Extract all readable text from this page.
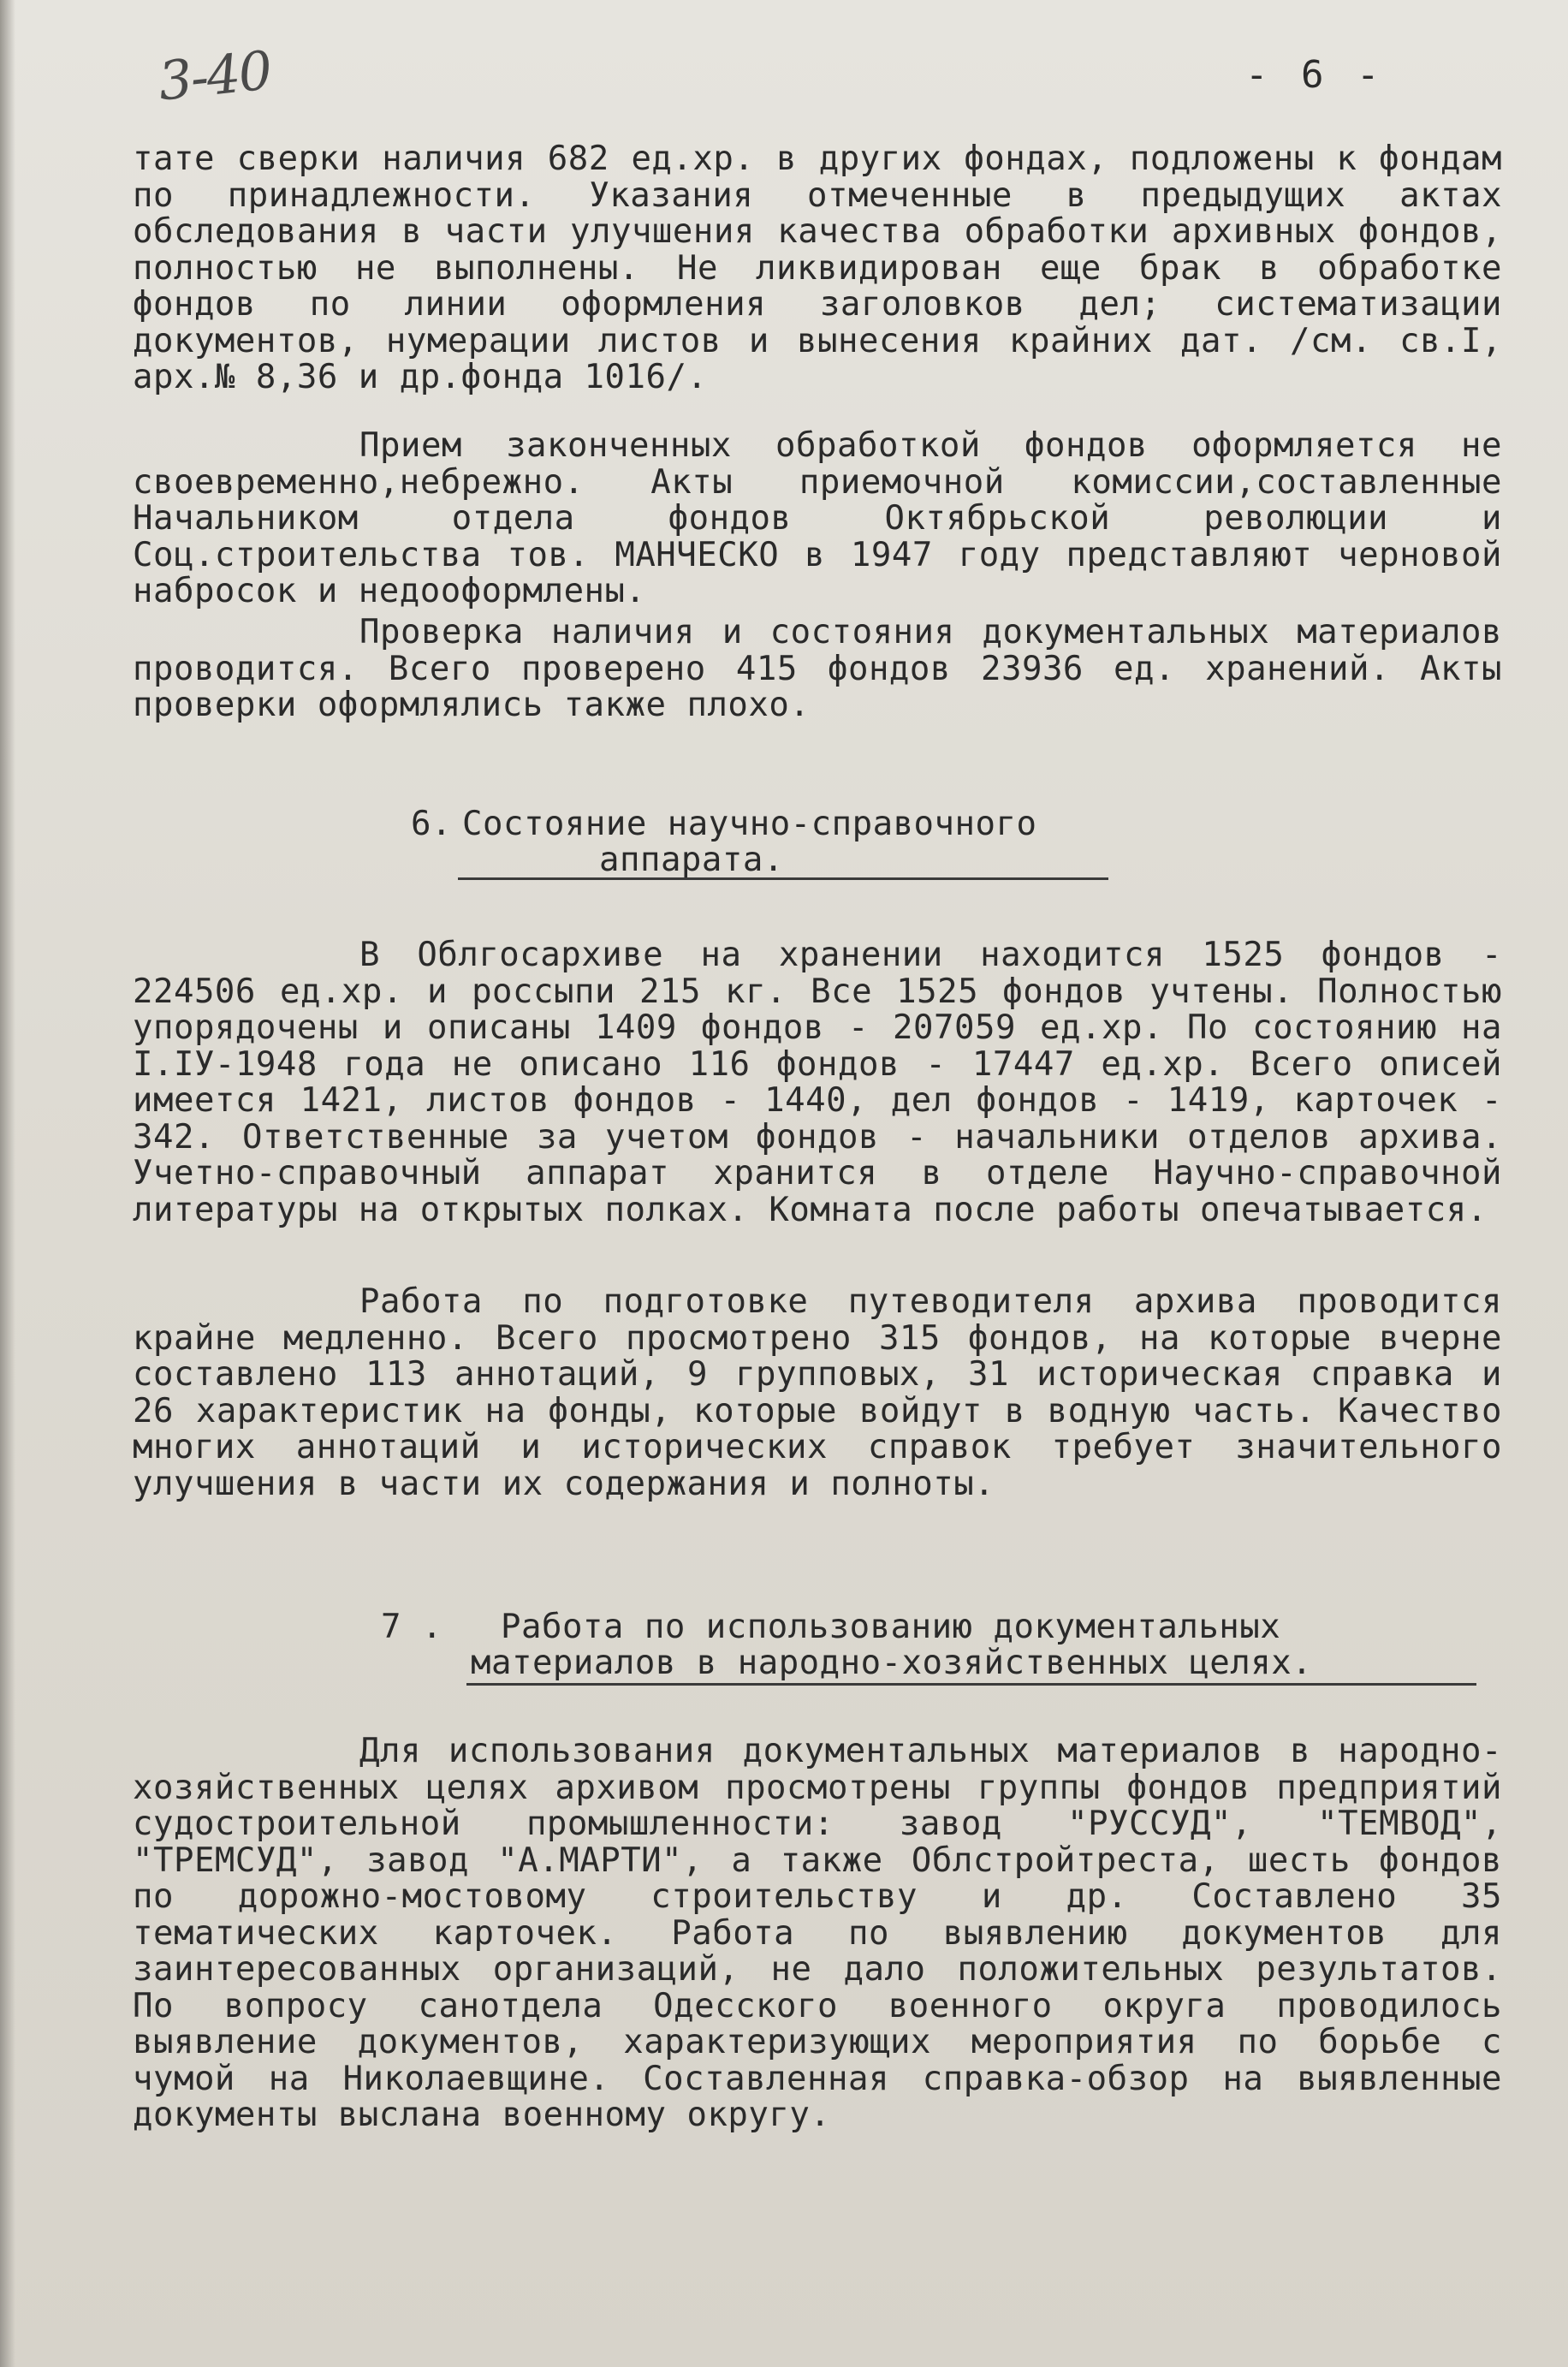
3-40	- 6 -

тате сверки наличия 682 ед.хр. в других фондах, подложены к фондам по принадлежности. Указания отмеченные в предыдущих актах обследования в части улучшения качества обработки архивных фондов, полностью не выполнены. Не ликвидирован еще брак в обработке фондов по линии оформления заголовков дел; систематизации документов, нумерации листов и вынесения крайних дат. /см. св.I, арх.№ 8,36 и др.фонда 1016/.

Прием законченных обработкой фондов оформляется не своевременно,небрежно. Акты приемочной комиссии,составленные Начальником отдела фондов Октябрьской революции и Соц.строительства тов. МАНЧЕСКО в 1947 году представляют черновой набросок и недооформлены.

Проверка наличия и состояния документальных материалов проводится. Всего проверено 415 фондов 23936 ед. хранений. Акты проверки оформлялись также плохо.

6. Состояние научно-справочного
аппарата.

В Облгосархиве на хранении находится 1525 фондов - 224506 ед.хр. и россыпи 215 кг. Все 1525 фондов учтены. Полностью упорядочены и описаны 1409 фондов - 207059 ед.хр. По состоянию на I.IУ-1948 года не описано 116 фондов - 17447 ед.хр. Всего описей имеется 1421, листов фондов - 1440, дел фондов - 1419, карточек - 342. Ответственные за учетом фондов - начальники отделов архива. Учетно-справочный аппарат хранится в отделе Научно-справочной литературы на открытых полках. Комната после работы опечатывается.

Работа по подготовке путеводителя архива проводится крайне медленно. Всего просмотрено 315 фондов, на которые вчерне составлено 113 аннотаций, 9 групповых, 31 историческая справка и 26 характеристик на фонды, которые войдут в водную часть. Качество многих аннотаций и исторических справок требует значительного улучшения в части их содержания и полноты.

7 . Работа по использованию документальных
материалов в народно-хозяйственных целях.

Для использования документальных материалов в народно-хозяйственных целях архивом просмотрены группы фондов предприятий судостроительной промышленности: завод "РУССУД", "ТЕМВОД", "ТРЕМСУД", завод "А.МАРТИ", а также Облстройтреста, шесть фондов по дорожно-мостовому строительству и др. Составлено 35 тематических карточек. Работа по выявлению документов для заинтересованных организаций, не дало положительных результатов. По вопросу санотдела Одесского военного округа проводилось выявление документов, характеризующих мероприятия по борьбе с чумой на Николаевщине. Составленная справка-обзор на выявленные документы выслана военному округу.
